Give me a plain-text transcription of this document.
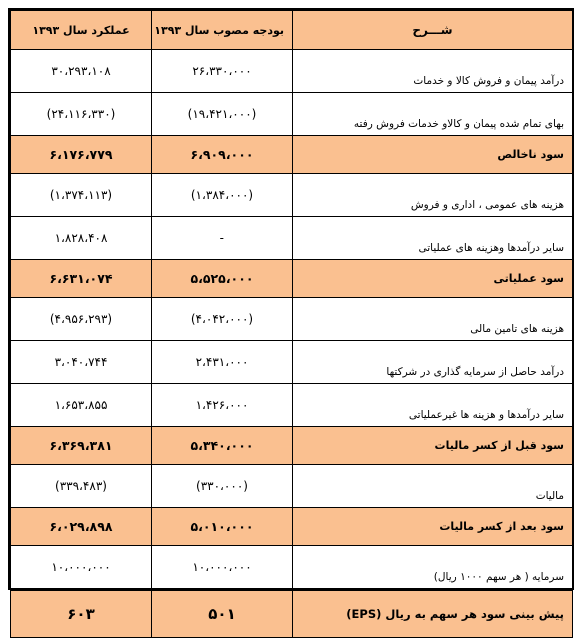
شـــرح	بودجه مصوب سال ۱۳۹۳	عملکرد سال ۱۳۹۳
درآمد پیمان و فروش کالا و خدمات	۲۶،۳۳۰،۰۰۰	۳۰،۲۹۳،۱۰۸
بهای تمام شده پیمان و کالاو خدمات فروش رفته	(۱۹،۴۲۱،۰۰۰)	(۲۴،۱۱۶،۳۳۰)
سود ناخالص	۶،۹۰۹،۰۰۰	۶،۱۷۶،۷۷۹
هزینه های عمومی ، اداری و فروش	(۱،۳۸۴،۰۰۰)	(۱،۳۷۴،۱۱۳)
سایر درآمدها وهزینه های عملیاتی	-	۱،۸۲۸،۴۰۸
سود عملیاتی	۵،۵۲۵،۰۰۰	۶،۶۳۱،۰۷۴
هزینه های تامین مالی	(۴،۰۴۲،۰۰۰)	(۴،۹۵۶،۲۹۳)
درآمد حاصل از سرمایه گذاری در شرکتها	۲،۴۳۱،۰۰۰	۳،۰۴۰،۷۴۴
سایر درآمدها و هزینه ها غیرعملیاتی	۱،۴۲۶،۰۰۰	۱،۶۵۳،۸۵۵
سود قبل از کسر مالیات	۵،۳۴۰،۰۰۰	۶،۳۶۹،۳۸۱
مالیات	(۳۳۰،۰۰۰)	(۳۳۹،۴۸۳)
سود بعد از کسر مالیات	۵،۰۱۰،۰۰۰	۶،۰۲۹،۸۹۸
سرمایه ( هر سهم ۱۰۰۰ ریال)	۱۰،۰۰۰،۰۰۰	۱۰،۰۰۰،۰۰۰
پیش بینی سود هر سهم به ریال (EPS)	۵۰۱	۶۰۳
